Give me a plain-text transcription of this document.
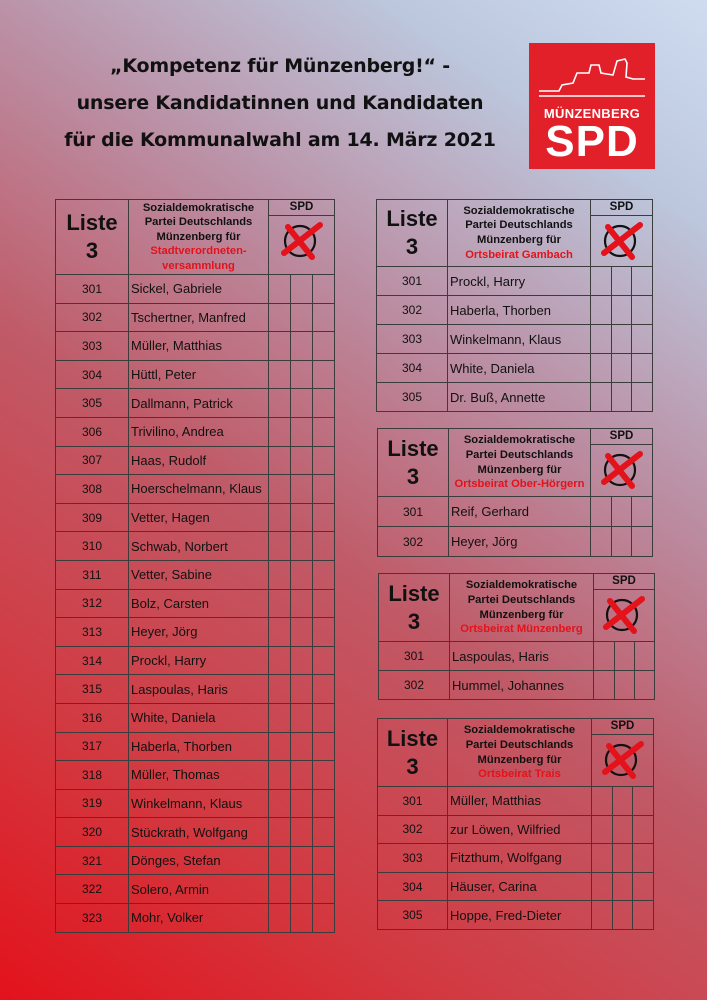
„Kompetenz für Münzenberg!“ -
unsere Kandidatinnen und Kandidaten
für die Kommunalwahl am 14. März 2021
MÜNZENBERG
SPD
Liste
3	Sozialdemokratische
Partei Deutschlands
Münzenberg für
Stadtverordneten-
versammlung	SPD		

301	Sickel, Gabriele			
302	Tschertner, Manfred			
303	Müller, Matthias			
304	Hüttl, Peter			
305	Dallmann, Patrick			
306	Trivilino, Andrea			
307	Haas, Rudolf			
308	Hoerschelmann, Klaus			
309	Vetter, Hagen			
310	Schwab, Norbert			
311	Vetter, Sabine			
312	Bolz, Carsten			
313	Heyer, Jörg			
314	Prockl, Harry			
315	Laspoulas, Haris			
316	White, Daniela			
317	Haberla, Thorben			
318	Müller, Thomas			
319	Winkelmann, Klaus			
320	Stückrath, Wolfgang			
321	Dönges, Stefan			
322	Solero, Armin			
323	Mohr, Volker			
Liste
3	Sozialdemokratische
Partei Deutschlands
Münzenberg für
Ortsbeirat Gambach	SPD		

301	Prockl, Harry			
302	Haberla, Thorben			
303	Winkelmann, Klaus			
304	White, Daniela			
305	Dr. Buß, Annette			
Liste
3	Sozialdemokratische
Partei Deutschlands
Münzenberg für
Ortsbeirat Ober-Hörgern	SPD		

301	Reif, Gerhard			
302	Heyer, Jörg			
Liste
3	Sozialdemokratische
Partei Deutschlands
Münzenberg für
Ortsbeirat Münzenberg	SPD		

301	Laspoulas, Haris			
302	Hummel, Johannes			
Liste
3	Sozialdemokratische
Partei Deutschlands
Münzenberg für
Ortsbeirat Trais	SPD		

301	Müller, Matthias			
302	zur Löwen, Wilfried			
303	Fitzthum, Wolfgang			
304	Häuser, Carina			
305	Hoppe, Fred-Dieter			
